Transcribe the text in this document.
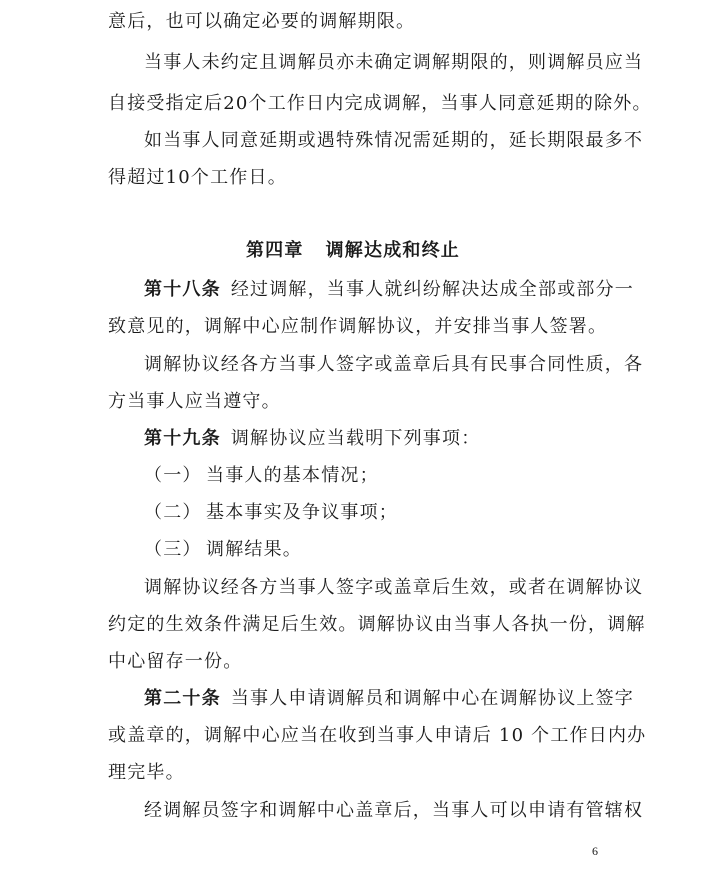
意后，也可以确定必要的调解期限。
当事人未约定且调解员亦未确定调解期限的，则调解员应当
自接受指定后20个工作日内完成调解，当事人同意延期的除外。
如当事人同意延期或遇特殊情况需延期的，延长期限最多不
得超过10个工作日。
第四章 调解达成和终止
第十八条 经过调解，当事人就纠纷解决达成全部或部分一
致意见的，调解中心应制作调解协议，并安排当事人签署。
调解协议经各方当事人签字或盖章后具有民事合同性质，各
方当事人应当遵守。
第十九条 调解协议应当载明下列事项：
（一） 当事人的基本情况；
（二） 基本事实及争议事项；
（三） 调解结果。
调解协议经各方当事人签字或盖章后生效，或者在调解协议
约定的生效条件满足后生效。调解协议由当事人各执一份，调解
中心留存一份。
第二十条 当事人申请调解员和调解中心在调解协议上签字
或盖章的，调解中心应当在收到当事人申请后 10 个工作日内办
理完毕。
经调解员签字和调解中心盖章后，当事人可以申请有管辖权
6
